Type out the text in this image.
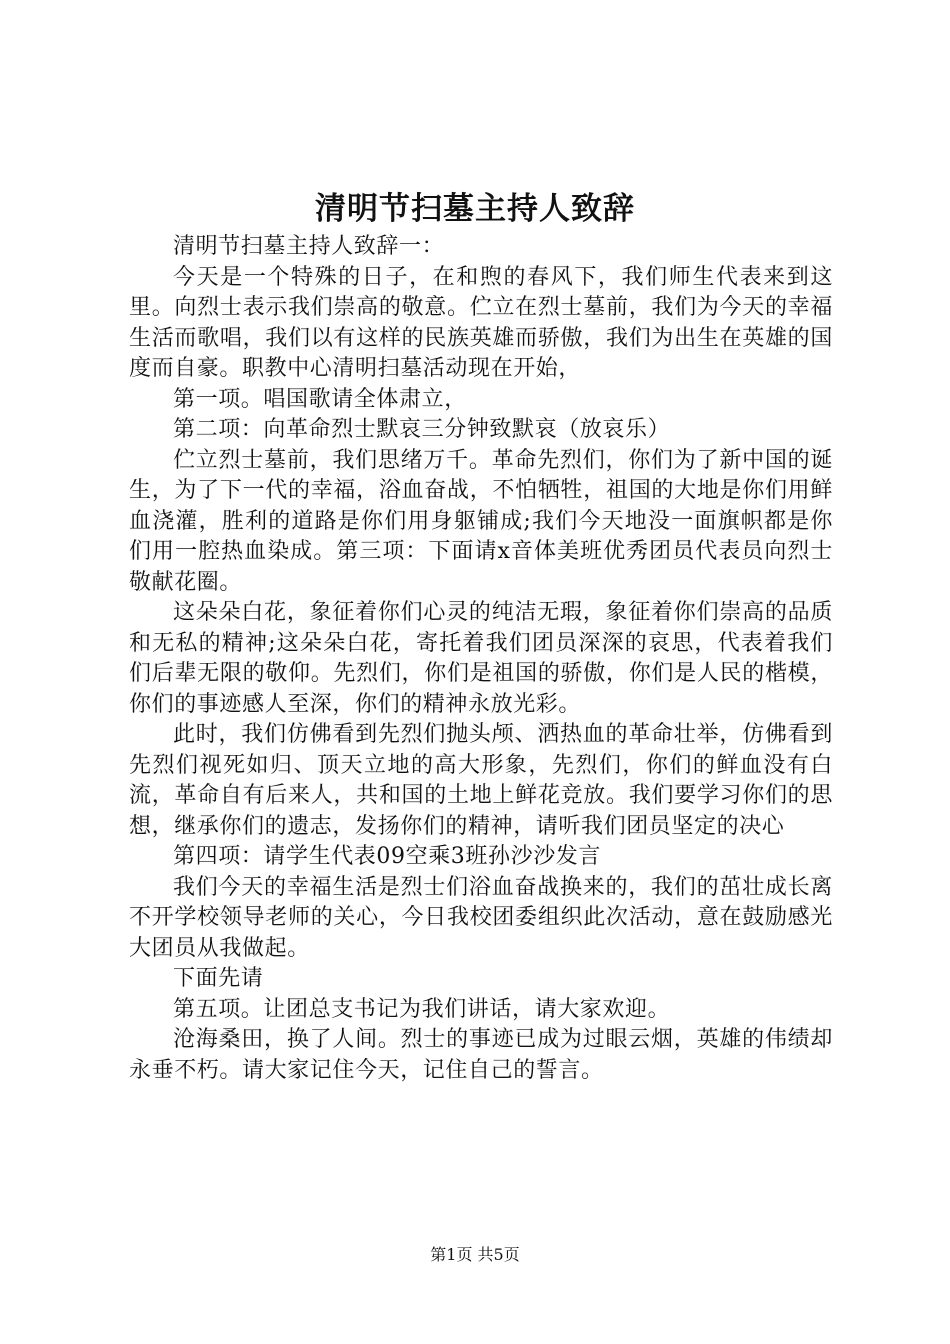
清明节扫墓主持人致辞

清明节扫墓主持人致辞一：

今天是一个特殊的日子，在和煦的春风下，我们师生代表来到这里。向烈士表示我们崇高的敬意。伫立在烈士墓前，我们为今天的幸福生活而歌唱，我们以有这样的民族英雄而骄傲，我们为出生在英雄的国度而自豪。职教中心清明扫墓活动现在开始，

第一项。唱国歌请全体肃立，

第二项：向革命烈士默哀三分钟致默哀（放哀乐）

伫立烈士墓前，我们思绪万千。革命先烈们，你们为了新中国的诞生，为了下一代的幸福，浴血奋战，不怕牺牲，祖国的大地是你们用鲜血浇灌，胜利的道路是你们用身躯铺成;我们今天地没一面旗帜都是你们用一腔热血染成。第三项：下面请x音体美班优秀团员代表员向烈士敬献花圈。

这朵朵白花，象征着你们心灵的纯洁无瑕，象征着你们崇高的品质和无私的精神;这朵朵白花，寄托着我们团员深深的哀思，代表着我们们后辈无限的敬仰。先烈们，你们是祖国的骄傲，你们是人民的楷模，你们的事迹感人至深，你们的精神永放光彩。

此时，我们仿佛看到先烈们抛头颅、洒热血的革命壮举，仿佛看到先烈们视死如归、顶天立地的高大形象，先烈们，你们的鲜血没有白流，革命自有后来人，共和国的土地上鲜花竞放。我们要学习你们的思想，继承你们的遗志，发扬你们的精神，请听我们团员坚定的决心

第四项：请学生代表09空乘3班孙沙沙发言

我们今天的幸福生活是烈士们浴血奋战换来的，我们的茁壮成长离不开学校领导老师的关心，今日我校团委组织此次活动，意在鼓励感光大团员从我做起。

下面先请

第五项。让团总支书记为我们讲话，请大家欢迎。

沧海桑田，换了人间。烈士的事迹已成为过眼云烟，英雄的伟绩却永垂不朽。请大家记住今天，记住自己的誓言。

第1页 共5页
